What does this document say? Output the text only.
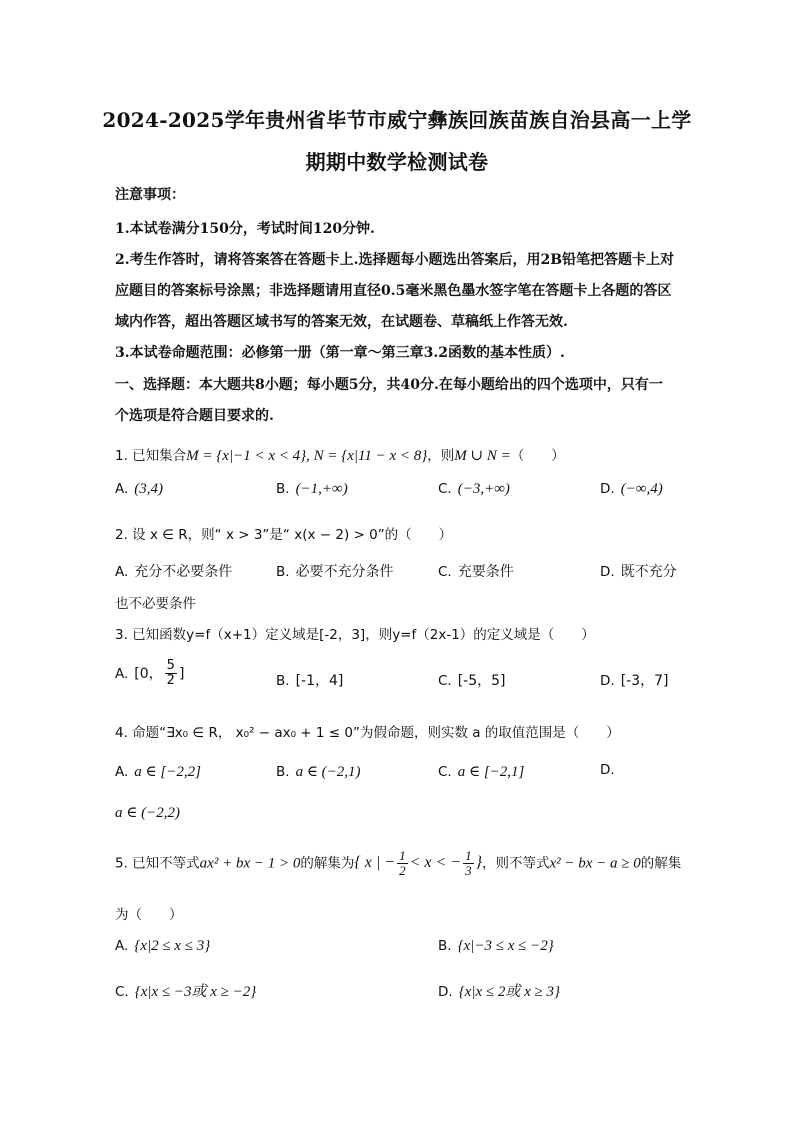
2024-2025学年贵州省毕节市威宁彝族回族苗族自治县高一上学
期期中数学检测试卷
注意事项：
1.本试卷满分150分，考试时间120分钟.
2.考生作答时，请将答案答在答题卡上.选择题每小题选出答案后，用2B铅笔把答题卡上对
应题目的答案标号涂黑；非选择题请用直径0.5毫米黑色墨水签字笔在答题卡上各题的答区
域内作答，超出答题区域书写的答案无效，在试题卷、草稿纸上作答无效.
3.本试卷命题范围：必修第一册（第一章～第三章3.2函数的基本性质）.
一、选择题：本大题共8小题；每小题5分，共40分.在每小题给出的四个选项中，只有一
个选项是符合题目要求的.
1. 已知集合M = {x|−1 < x < 4}, N = {x|11 − x < 8}，则M ∪ N =（　　）
A. (3,4)	B. (−1,+∞)	C. (−3,+∞)	D. (−∞,4)
2. 设 x ∈ R，则“ x > 3”是“ x(x − 2) > 0”的（　　）
A. 充分不必要条件	B. 必要不充分条件	C. 充要条件	D. 既不充分
也不必要条件
3. 已知函数y=f（x+1）定义域是[-2，3]，则y=f（2x-1）的定义域是（　　）
A. [0， $\frac{5}{2}$ ]	B. [-1，4]	C. [-5，5]	D. [-3，7]
4. 命题“∃x₀ ∈ R， x₀² − ax₀ + 1 ≤ 0”为假命题，则实数 a 的取值范围是（　　）
A. a ∈ [−2,2]	B. a ∈ (−2,1)	C. a ∈ [−2,1]	D.
a ∈ (−2,2)
5. 已知不等式ax² + bx − 1 > 0的解集为{ x | − $\frac{1}{2} < x$ < − $\frac{1}{3}$ }，则不等式x² − bx − a ≥ 0的解集
为（　　）
A. {x|2 ≤ x ≤ 3}	B. {x|−3 ≤ x ≤ −2}
C. {x|x ≤ −3或 x ≥ −2}	D. {x|x ≤ 2或 x ≥ 3}
